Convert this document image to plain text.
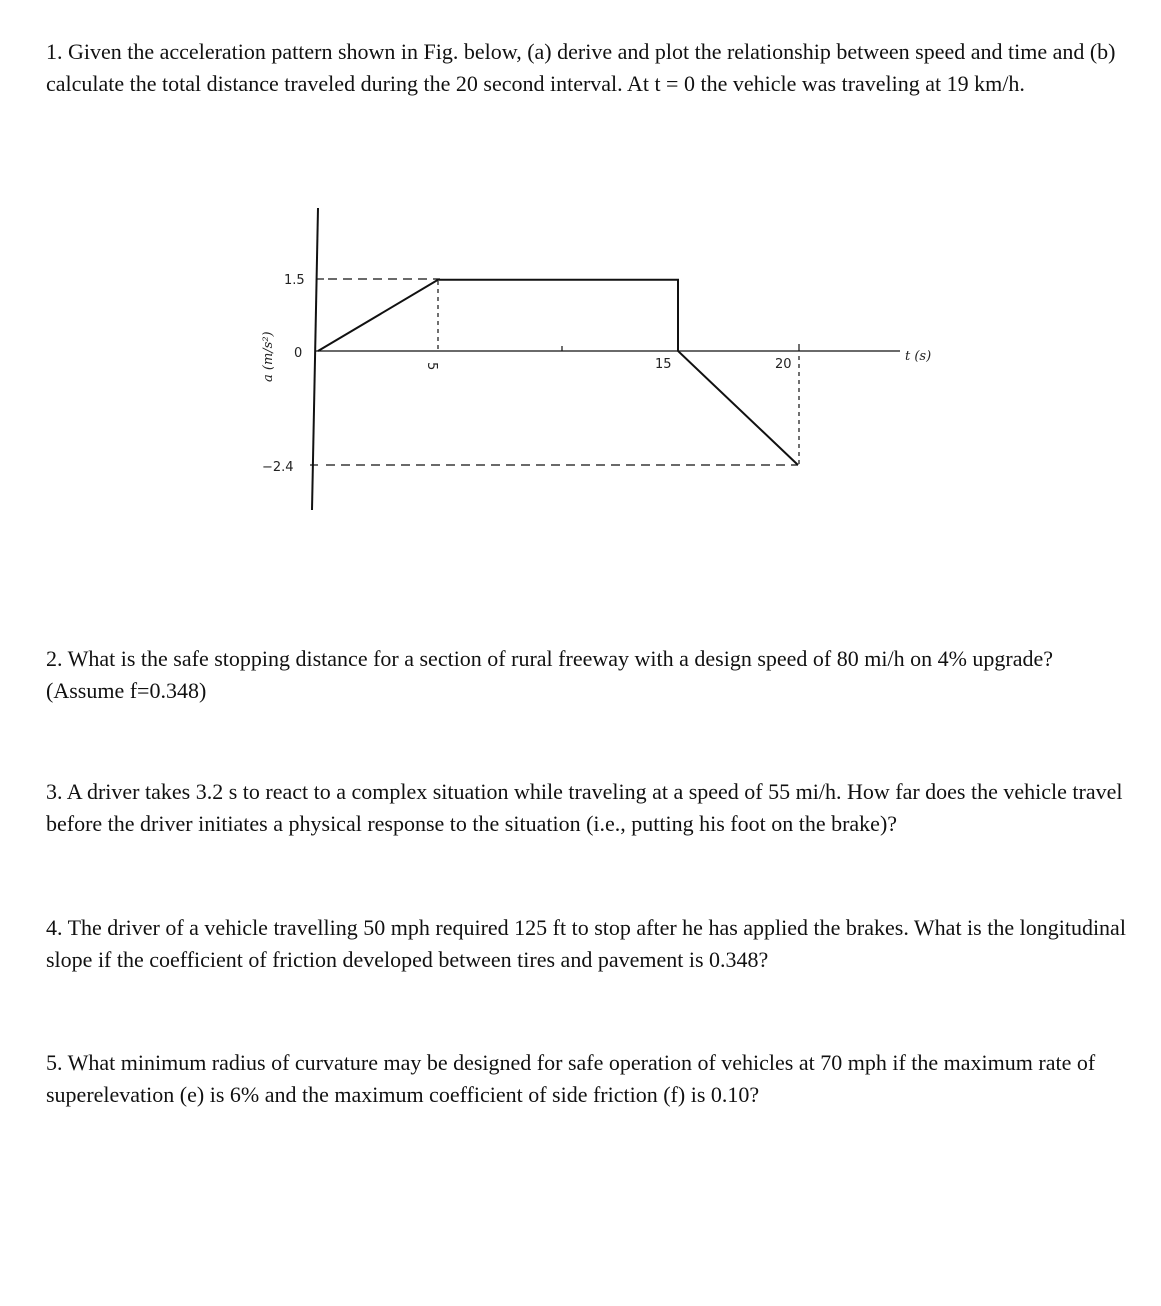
1. Given the acceleration pattern shown in Fig. below, (a) derive and plot the relationship between speed and time and (b) calculate the total distance traveled during the 20 second interval. At t = 0 the vehicle was traveling at 19 km/h.

1.5
0
−2.4
5	15	20
t (s)
a (m/s²)

2. What is the safe stopping distance for a section of rural freeway with a design speed of 80 mi/h on 4% upgrade? (Assume f=0.348)

3. A driver takes 3.2 s to react to a complex situation while traveling at a speed of 55 mi/h. How far does the vehicle travel before the driver initiates a physical response to the situation (i.e., putting his foot on the brake)?

4. The driver of a vehicle travelling 50 mph required 125 ft to stop after he has applied the brakes. What is the longitudinal slope if the coefficient of friction developed between tires and pavement is 0.348?

5. What minimum radius of curvature may be designed for safe operation of vehicles at 70 mph if the maximum rate of superelevation (e) is 6% and the maximum coefficient of side friction (f) is 0.10?
